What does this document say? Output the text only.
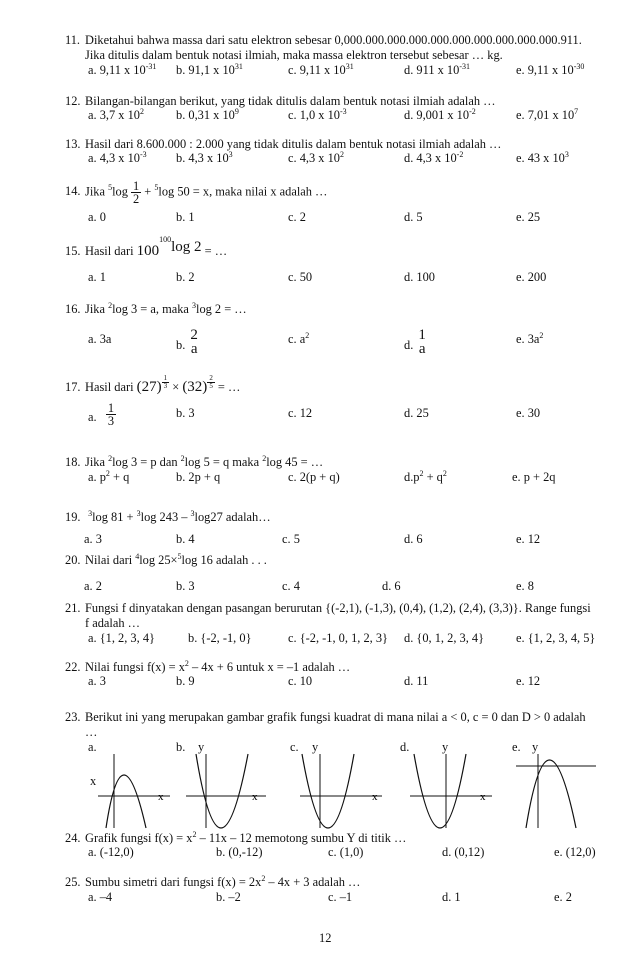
11. Diketahui bahwa massa dari satu elektron sebesar 0,000.000.000.000.000.000.000.000.000.000.911.
Jika ditulis dalam bentuk notasi ilmiah, maka massa elektron tersebut sebesar … kg.
a. 9,11 x $10^{-31}$ b. 91,1 x $10^{31}$	c. 9,11 x $10^{31}$	d. 911 x $10^{-31}$	e. 9,11 x $10^{-30}$
12. Bilangan-bilangan berikut, yang tidak ditulis dalam bentuk notasi ilmiah adalah …
a. 3,7 x $10^2$	b. 0,31 x $10^9$	c. 1,0 x $10^{-3}$	d. 9,001 x $10^{-2}$	e. 7,01 x $10^7$
13. Hasil dari 8.600.000 : 2.000 yang tidak ditulis dalam bentuk notasi ilmiah adalah …
a. 4,3 x $10^{-3}$ b. 4,3 x $10^3$	c. 4,3 x $10^2$	d. 4,3 x $10^{-2}$	e. 43 x $10^3$
14. Jika $^5\log \frac{1}{2} + ^5\log$ 50 = x, maka nilai x adalah …
a. 0	b. 1	c. 2	d. 5	e. 25
15. Hasil dari $100^{100}\log$ 2 = …
a. 1	b. 2	c. 50	d. 100	e. 200
16. Jika $^2$log 3 = a, maka $^3$log 2 = …
a. 3a	b.
2
a
c. $a^2$
d.
1
a
e. $3a^2$
17. Hasil dari $(27) \frac{1}{3} \times (32) \frac{2}{5}$ = …
a. $\frac{1}{3}$	b. 3	c. 12	d. 25	e. 30
18. Jika $^2$log 3 = p dan $^2$log 5 = q maka $^2$log 45 = …
a. $p^2 + q$	b. 2p + q	c. 2(p + q)	$d.p^2 + q^2$	e. p + 2q
19. $^3$log 81 + $^3$log 243 – $^3$log27 adalah…
a. 3	b. 4	c. 5	d. 6	e. 12
20. Nilai dari $^4$log 25×$^5$log 16 adalah . . .
a. 2	b. 3	c. 4	d. 6	e. 8
21. Fungsi f dinyatakan dengan pasangan berurutan {(-2,1), (-1,3), (0,4), (1,2), (2,4), (3,3)}. Range fungsi
f adalah …
a. {1, 2, 3, 4}	b. {-2, -1, 0}	c. {-2, -1, 0, 1, 2, 3} d. {0, 1, 2, 3, 4}	e. {1, 2, 3, 4, 5}
22. Nilai fungsi $f(x) = x^2 - 4x + 6$ untuk x = –1 adalah …
a. 3	b. 9	c. 10	d. 11	e. 12
23. Berikut ini yang merupakan gambar grafik fungsi kuadrat di mana nilai a < 0, c = 0 dan D > 0 adalah
…
a.
x
x
b. y
x
c. y
x
d.	y
x
e. y
24. Grafik fungsi $f(x) = x^2 - 11x - 12$ memotong sumbu Y di titik …
a. (-12,0)	b. (0,-12)	c. (1,0)	d. (0,12)	e. (12,0)
25. Sumbu simetri dari fungsi $f(x) = 2x^2 - 4x + 3$ adalah …
a. –4	b. –2	c. –1	d. 1	e. 2
12
